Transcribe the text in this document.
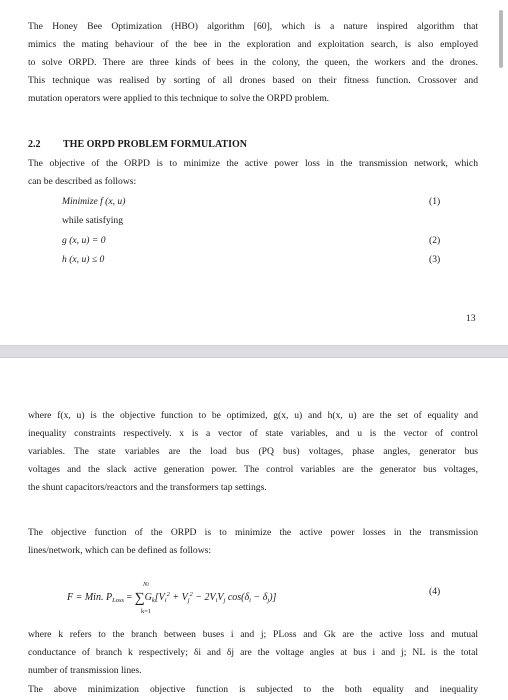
The Honey Bee Optimization (HBO) algorithm [60], which is a nature inspired algorithm that
mimics the mating behaviour of the bee in the exploration and exploitation search, is also employed
to solve ORPD. There are three kinds of bees in the colony, the queen, the workers and the drones.
This technique was realised by sorting of all drones based on their fitness function. Crossover and
mutation operators were applied to this technique to solve the ORPD problem.
2.2 THE ORPD PROBLEM FORMULATION
The objective of the ORPD is to minimize the active power loss in the transmission network, which
can be described as follows:
Minimize f (x, u)	(1)
while satisfying
g (x, u) = 0	(2)
h (x, u) ≤ 0	(3)
13
where f(x, u) is the objective function to be optimized, g(x, u) and h(x, u) are the set of equality and
inequality constraints respectively. x is a vector of state variables, and u is the vector of control
variables. The state variables are the load bus (PQ bus) voltages, phase angles, generator bus
voltages and the slack active generation power. The control variables are the generator bus voltages,
the shunt capacitors/reactors and the transformers tap settings.
The objective function of the ORPD is to minimize the active power losses in the transmission
lines/network, which can be defined as follows:
F = Min. $P_{Loss} = \sum G_k[V_i^2 + V_j^2 - 2V_iV_j$ $\cos(\delta_i - \delta_j)$]
Nl
k=1
(4)
where k refers to the branch between buses i and j; PLoss and Gk are the active loss and mutual
conductance of branch k respectively; δi and δj are the voltage angles at bus i and j; NL is the total
number of transmission lines.
The above minimization objective function is subjected to the both equality and inequality
